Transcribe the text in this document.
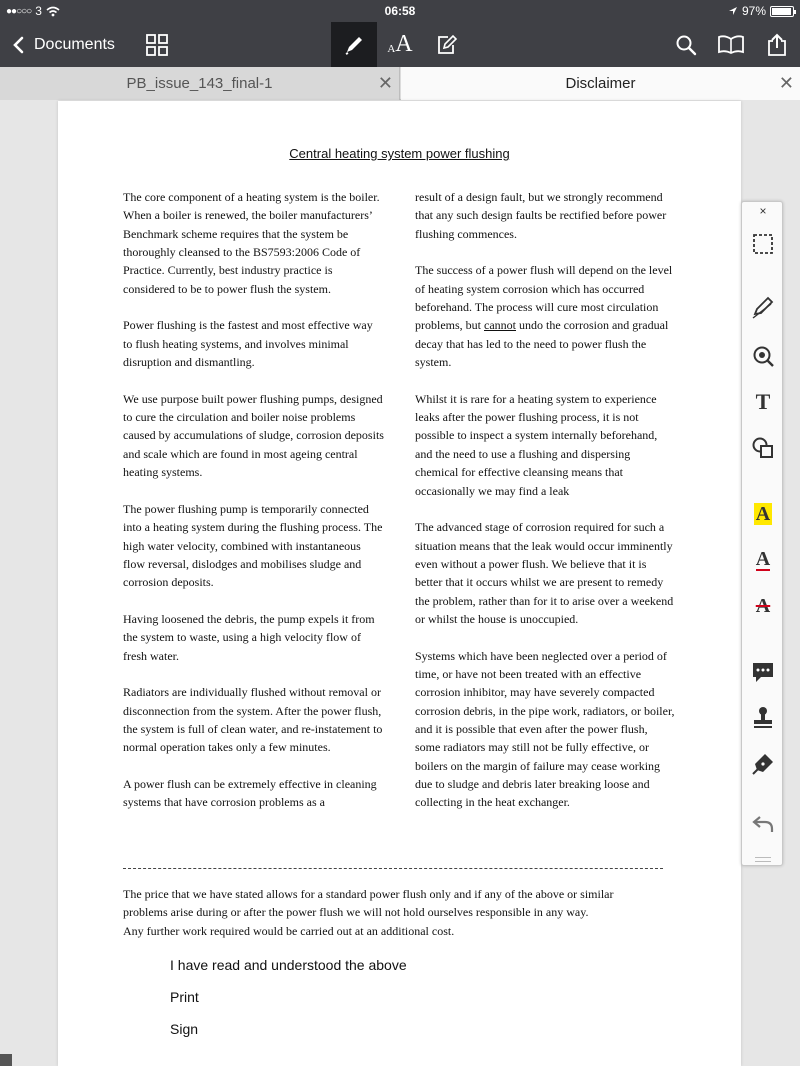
●●○○○ 3	06:58	97%
Documents	A A
PB_issue_143_final-1	✕	Disclaimer	✕
Central heating system power flushing

The core component of a heating system is the boiler. When a boiler is renewed, the boiler manufacturers’ Benchmark scheme requires that the system be thoroughly cleansed to the BS7593:2006 Code of Practice. Currently, best industry practice is considered to be to power flush the system.

Power flushing is the fastest and most effective way to flush heating systems, and involves minimal disruption and dismantling.

We use purpose built power flushing pumps, designed to cure the circulation and boiler noise problems caused by accumulations of sludge, corrosion deposits and scale which are found in most ageing central heating systems.

The power flushing pump is temporarily connected into a heating system during the flushing process. The high water velocity, combined with instantaneous flow reversal, dislodges and mobilises sludge and corrosion deposits.

Having loosened the debris, the pump expels it from the system to waste, using a high velocity flow of fresh water.

Radiators are individually flushed without removal or disconnection from the system. After the power flush, the system is full of clean water, and re-instatement to normal operation takes only a few minutes.

A power flush can be extremely effective in cleaning systems that have corrosion problems as a

result of a design fault, but we strongly recommend that any such design faults be rectified before power flushing commences.

The success of a power flush will depend on the level of heating system corrosion which has occurred beforehand. The process will cure most circulation problems, but cannot undo the corrosion and gradual decay that has led to the need to power flush the system.

Whilst it is rare for a heating system to experience leaks after the power flushing process, it is not possible to inspect a system internally beforehand, and the need to use a flushing and dispersing chemical for effective cleansing means that occasionally we may find a leak

The advanced stage of corrosion required for such a situation means that the leak would occur imminently even without a power flush. We believe that it is better that it occurs whilst we are present to remedy the problem, rather than for it to arise over a weekend or whilst the house is unoccupied.

Systems which have been neglected over a period of time, or have not been treated with an effective corrosion inhibitor, may have severely compacted corrosion debris, in the pipe work, radiators, or boiler, and it is possible that even after the power flush, some radiators may still not be fully effective, or boilers on the margin of failure may cease working due to sludge and debris later breaking loose and collecting in the heat exchanger.

The price that we have stated allows for a standard power flush only and if any of the above or similar
problems arise during or after the power flush we will not hold ourselves responsible in any way.
Any further work required would be carried out at an additional cost.
I have read and understood the above
Print
Sign
×
T
A
A
A
